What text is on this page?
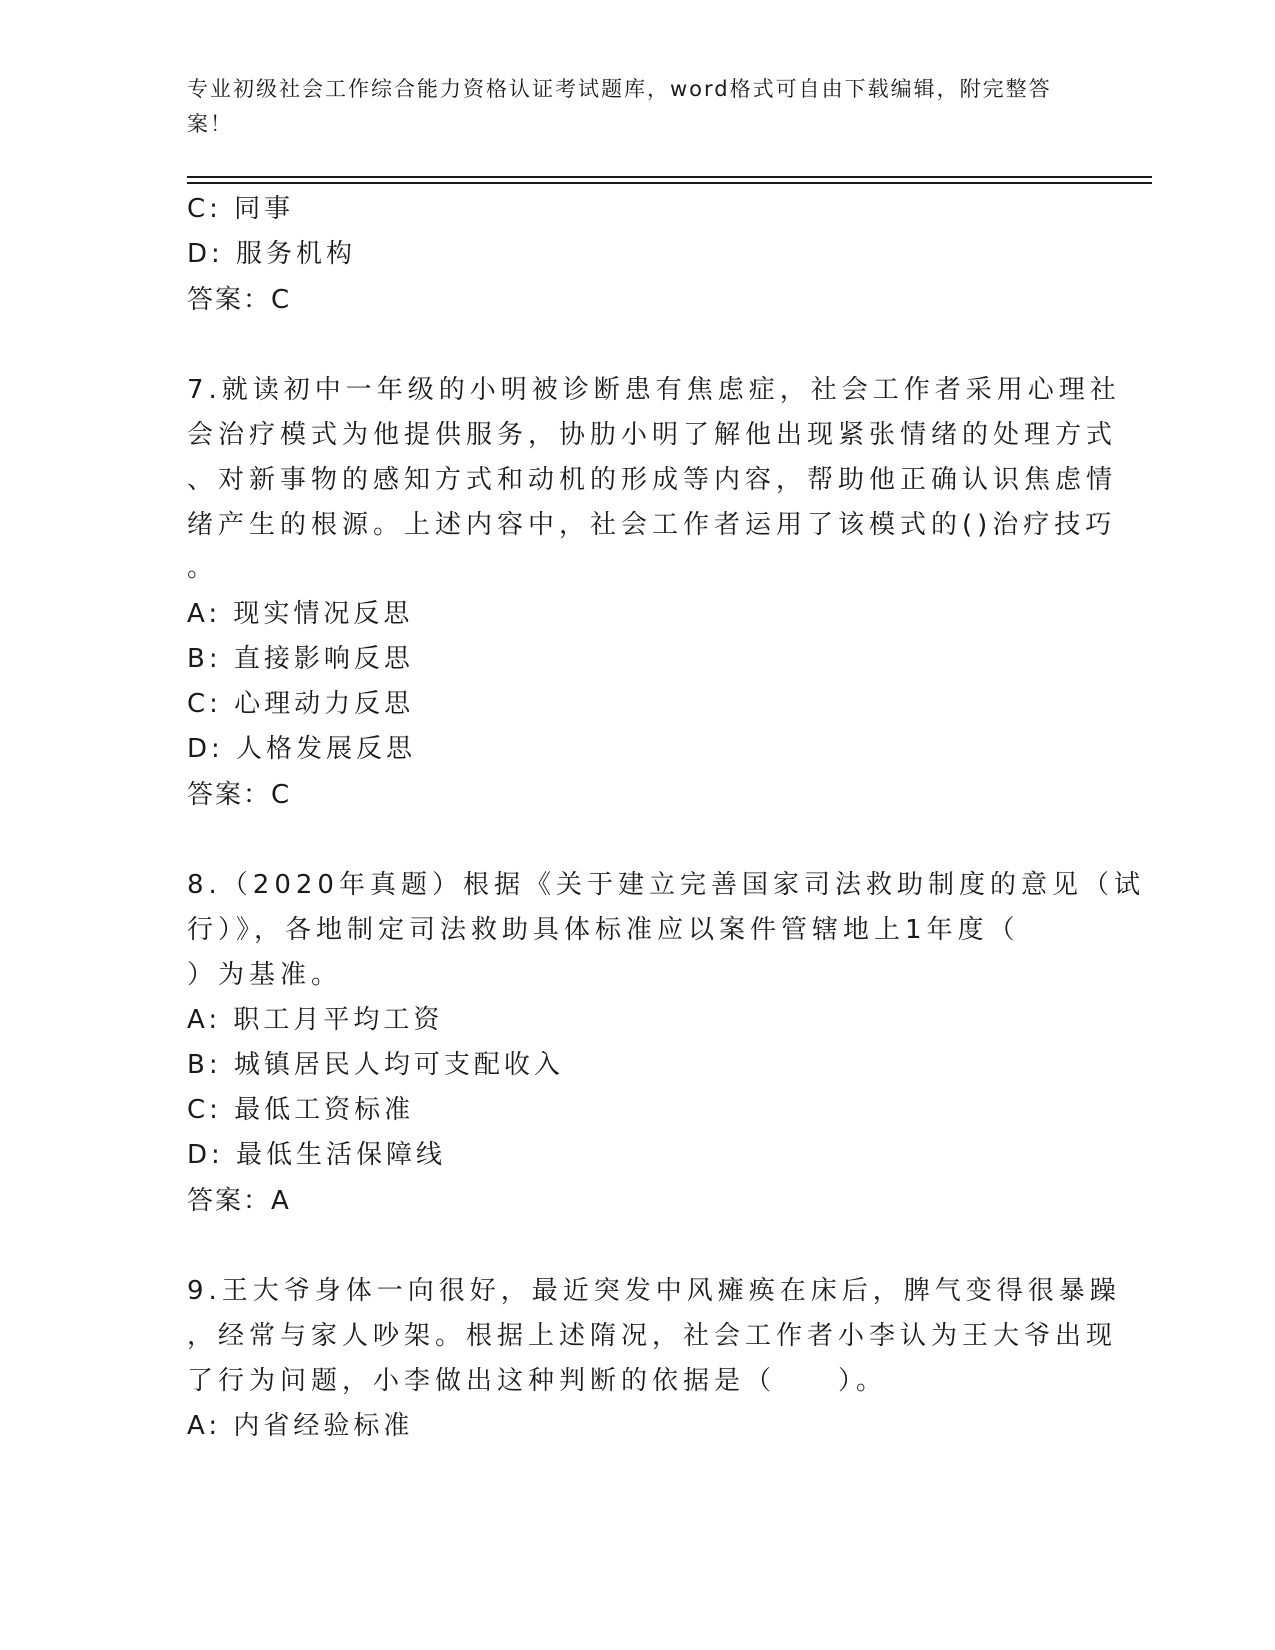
专业初级社会工作综合能力资格认证考试题库，word格式可自由下载编辑，附完整答案！
C: 同事
D: 服务机构
答案：C
7.就读初中一年级的小明被诊断患有焦虑症，社会工作者采用心理社
会治疗模式为他提供服务，协肋小明了解他出现紧张情绪的处理方式
、对新事物的感知方式和动机的形成等内容，帮助他正确认识焦虑情
绪产生的根源。上述内容中，社会工作者运用了该模式的()治疗技巧
。
A: 现实情况反思
B: 直接影响反思
C: 心理动力反思
D: 人格发展反思
答案：C
8.（2020年真题）根据《关于建立完善国家司法救助制度的意见（试
行）》，各地制定司法救助具体标准应以案件管辖地上1年度（
）为基准。
A: 职工月平均工资
B: 城镇居民人均可支配收入
C: 最低工资标准
D: 最低生活保障线
答案：A
9.王大爷身体一向很好，最近突发中风瘫痪在床后，脾气变得很暴躁
，经常与家人吵架。根据上述隋况，社会工作者小李认为王大爷出现
了行为问题，小李做出这种判断的依据是（　　）。
A: 内省经验标准
